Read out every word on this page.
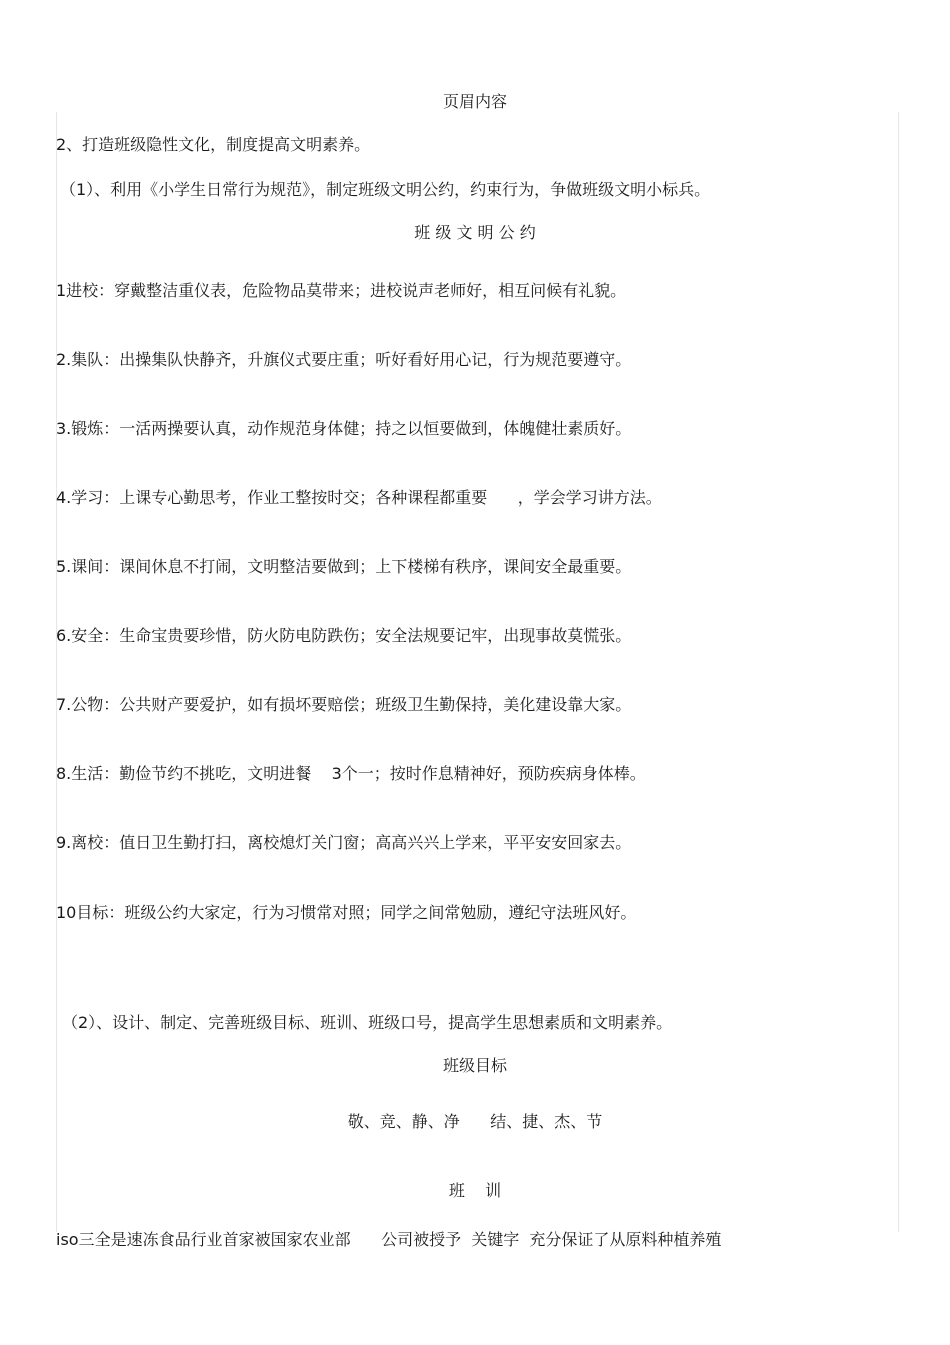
页眉内容
2、打造班级隐性文化，制度提高文明素养。
（1）、利用《小学生日常行为规范》，制定班级文明公约，约束行为，争做班级文明小标兵。
班 级 文 明 公 约
1进校：穿戴整洁重仪表，危险物品莫带来；进校说声老师好，相互问候有礼貌。
2.集队：出操集队快静齐，升旗仪式要庄重；听好看好用心记，行为规范要遵守。
3.锻炼：一活两操要认真，动作规范身体健；持之以恒要做到，体魄健壮素质好。
4.学习：上课专心勤思考，作业工整按时交；各种课程都重要      ，学会学习讲方法。
5.课间：课间休息不打闹，文明整洁要做到；上下楼梯有秩序，课间安全最重要。
6.安全：生命宝贵要珍惜，防火防电防跌伤；安全法规要记牢，出现事故莫慌张。
7.公物：公共财产要爱护，如有损坏要赔偿；班级卫生勤保持，美化建设靠大家。
8.生活：勤俭节约不挑吃，文明进餐    3个一；按时作息精神好，预防疾病身体棒。
9.离校：值日卫生勤打扫，离校熄灯关门窗；高高兴兴上学来，平平安安回家去。
10目标：班级公约大家定，行为习惯常对照；同学之间常勉励，遵纪守法班风好。
（2）、设计、制定、完善班级目标、班训、班级口号，提高学生思想素质和文明素养。
班级目标
敬、竞、静、净      结、捷、杰、节
班    训
iso三全是速冻食品行业首家被国家农业部      公司被授予  关键字  充分保证了从原料种植养殖
